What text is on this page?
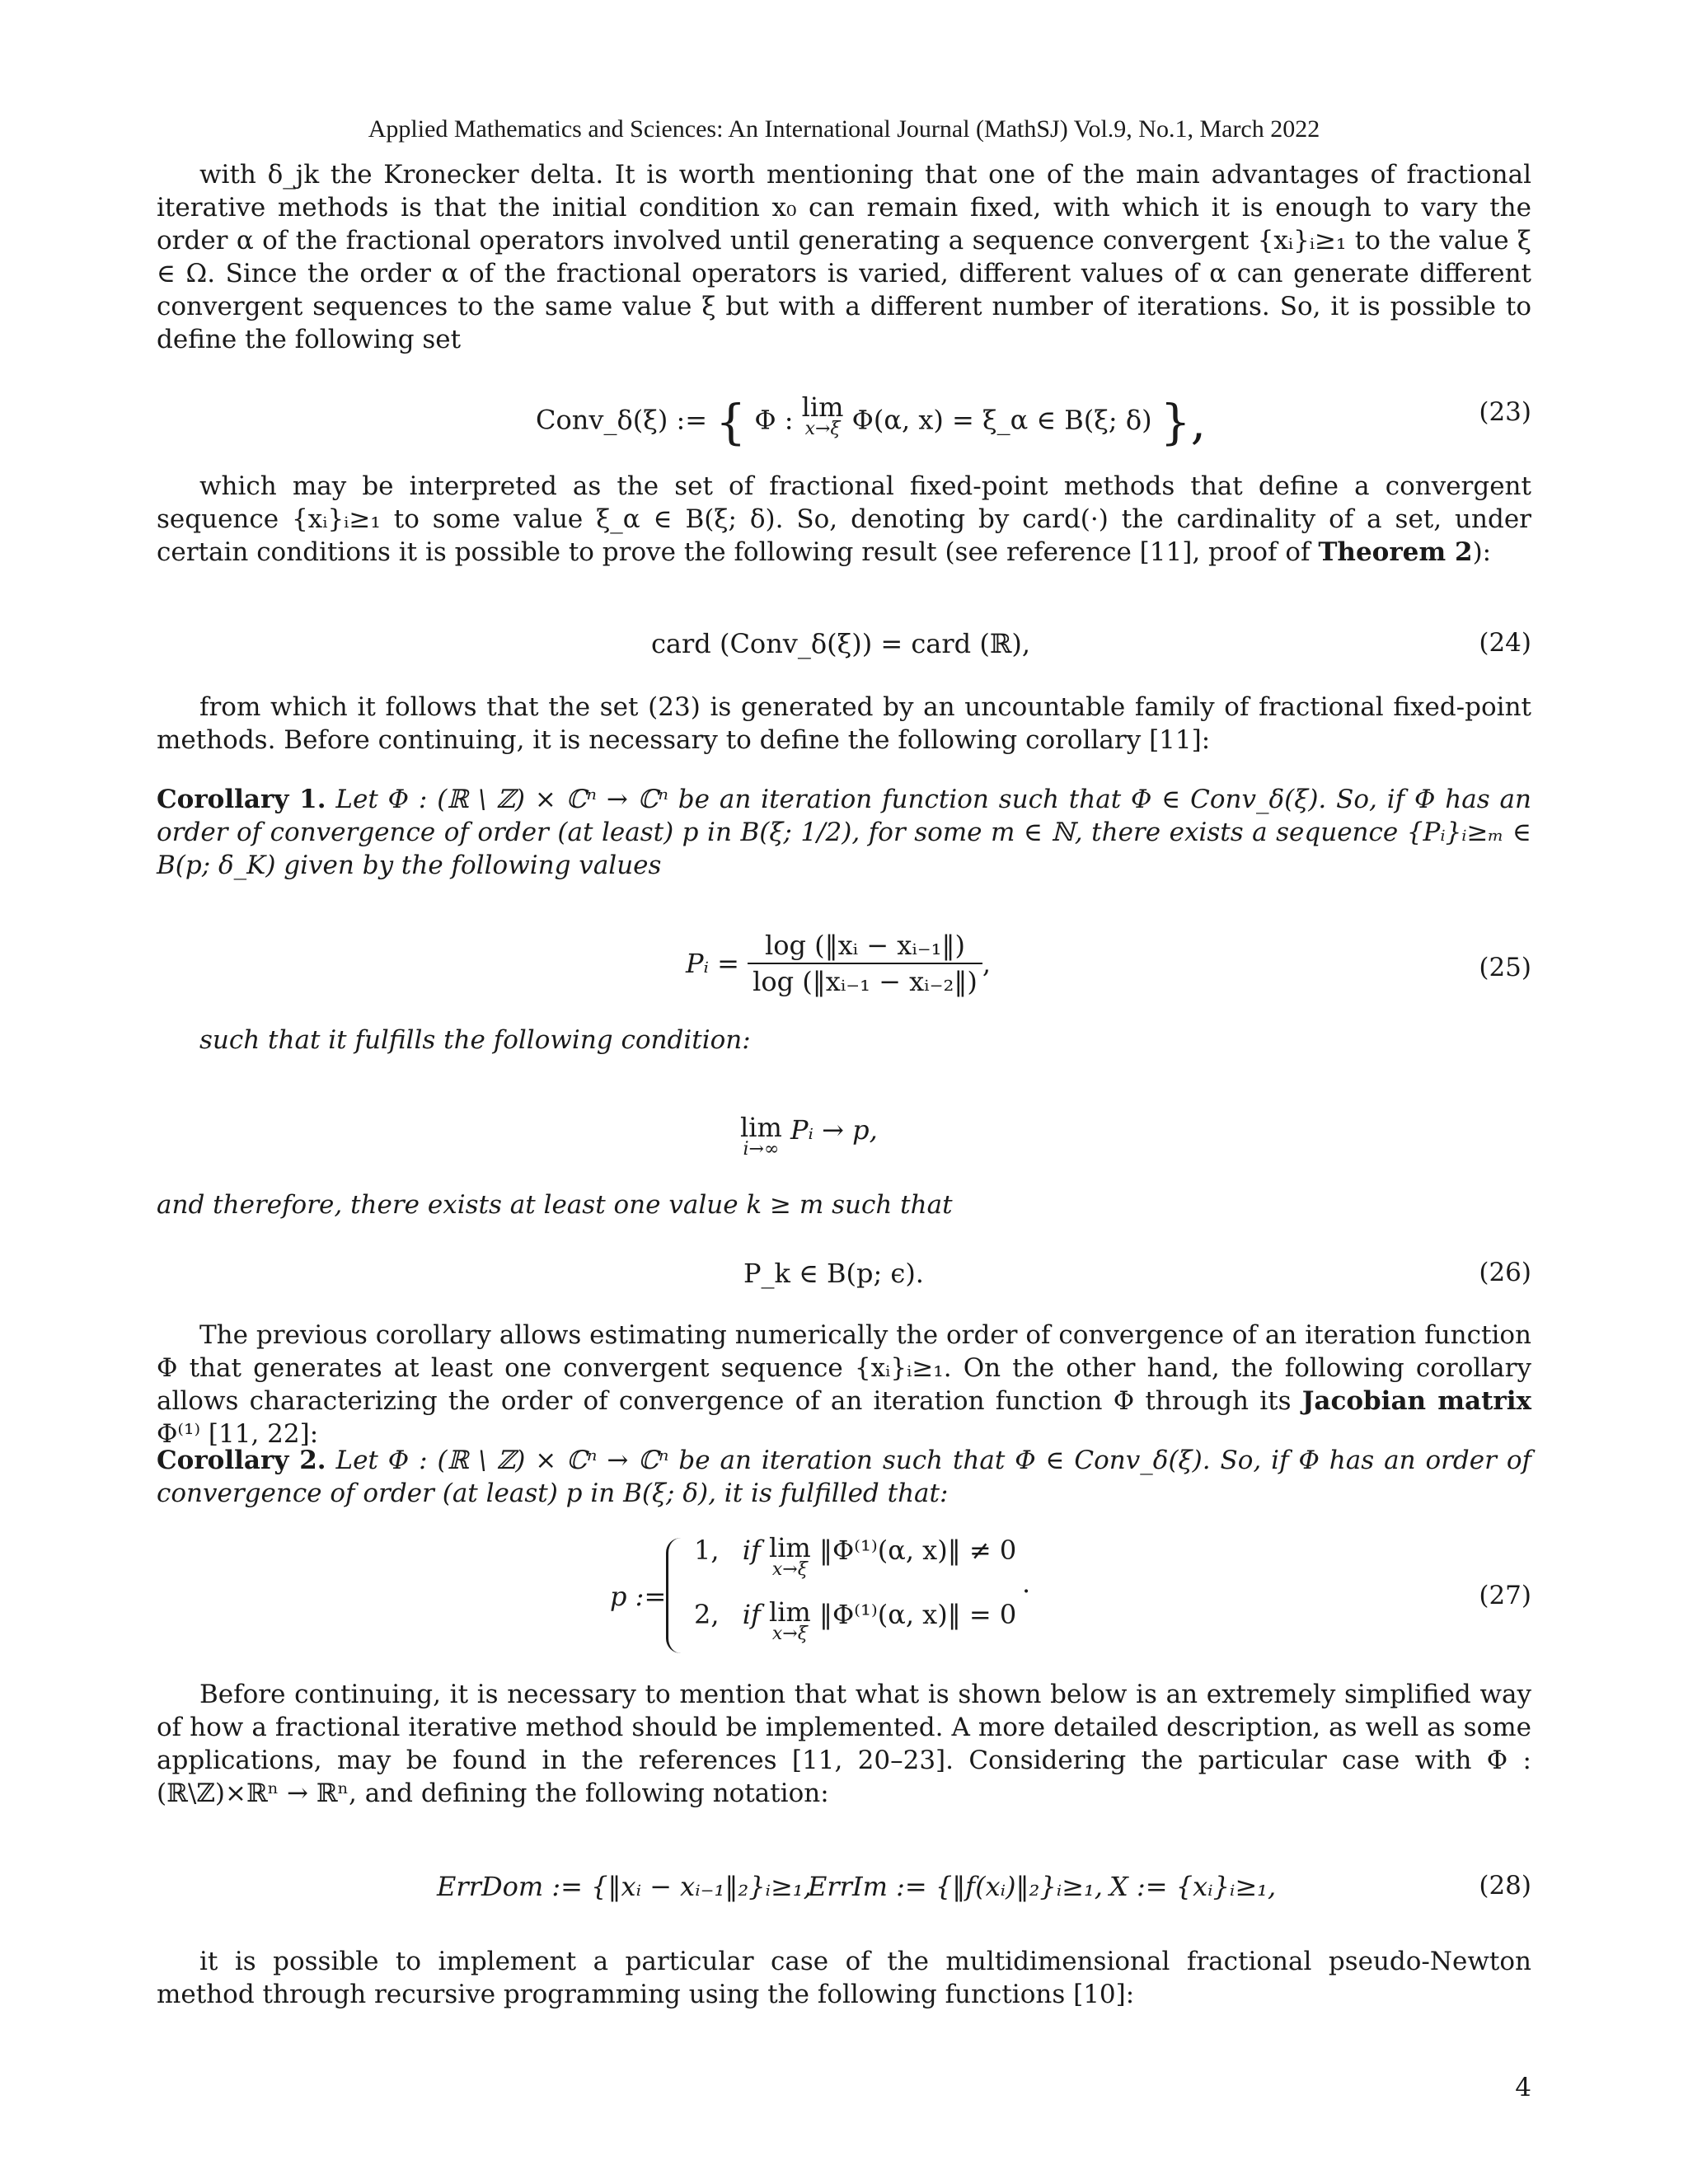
Applied Mathematics and Sciences: An International Journal (MathSJ) Vol.9, No.1, March 2022
with δ_jk the Kronecker delta. It is worth mentioning that one of the main advantages of fractional iterative methods is that the initial condition x₀ can remain fixed, with which it is enough to vary the order α of the fractional operators involved until generating a sequence convergent {xᵢ}ᵢ≥₁ to the value ξ ∈ Ω. Since the order α of the fractional operators is varied, different values of α can generate different convergent sequences to the same value ξ but with a different number of iterations. So, it is possible to define the following set
Conv_δ(ξ) := { Φ : lim
x→ξ Φ(α, x) = ξ_α ∈ B(ξ; δ) },	(23)
which may be interpreted as the set of fractional fixed-point methods that define a convergent sequence {xᵢ}ᵢ≥₁ to some value ξ_α ∈ B(ξ; δ). So, denoting by card(·) the cardinality of a set, under certain conditions it is possible to prove the following result (see reference [11], proof of Theorem 2):
card (Conv_δ(ξ)) = card (ℝ),	(24)
from which it follows that the set (23) is generated by an uncountable family of fractional fixed-point methods. Before continuing, it is necessary to define the following corollary [11]:
Corollary 1. Let Φ : (ℝ \ ℤ) × ℂⁿ → ℂⁿ be an iteration function such that Φ ∈ Conv_δ(ξ). So, if Φ has an order of convergence of order (at least) p in B(ξ; 1/2), for some m ∈ ℕ, there exists a sequence {Pᵢ}ᵢ≥ₘ ∈ B(p; δ_K) given by the following values
Pᵢ = $\frac{\text{log (‖xᵢ − xᵢ₋₁‖)}}{\text{log (‖xᵢ₋₁ − xᵢ₋₂‖)}}$ ,	(25)
such that it fulfills the following condition:
lim
i→∞
Pᵢ → p,
and therefore, there exists at least one value k ≥ m such that
P_k ∈ B(p; ϵ).	(26)
The previous corollary allows estimating numerically the order of convergence of an iteration function Φ that generates at least one convergent sequence {xᵢ}ᵢ≥₁. On the other hand, the following corollary allows characterizing the order of convergence of an iteration function Φ through its Jacobian matrix Φ⁽¹⁾ [11, 22]:
Corollary 2. Let Φ : (ℝ \ ℤ) × ℂⁿ → ℂⁿ be an iteration such that Φ ∈ Conv_δ(ξ). So, if Φ has an order of convergence of order (at least) p in B(ξ; δ), it is fulfilled that:
p :=
1, if lim
x→ξ
‖Φ⁽¹⁾(α, x)‖ ≠ 0
2, if lim
x→ξ
‖Φ⁽¹⁾(α, x)‖ = 0
.	(27)
Before continuing, it is necessary to mention that what is shown below is an extremely simplified way of how a fractional iterative method should be implemented. A more detailed description, as well as some applications, may be found in the references [11, 20–23]. Considering the particular case with Φ : (ℝ\ℤ)×ℝⁿ → ℝⁿ, and defining the following notation:
ErrDom := {‖xᵢ − xᵢ₋₁‖₂}ᵢ≥₁,
ErrIm := {‖f(xᵢ)‖₂}ᵢ≥₁, X := {xᵢ}ᵢ≥₁,	(28)
it is possible to implement a particular case of the multidimensional fractional pseudo-Newton method through recursive programming using the following functions [10]:
4
